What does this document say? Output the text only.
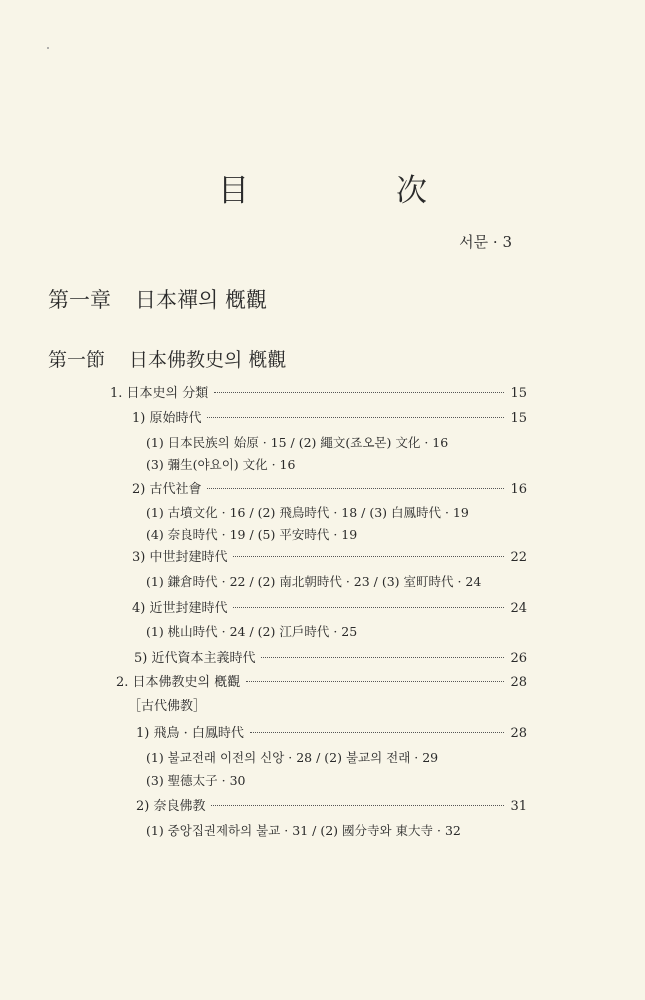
目　次
서문 · 3
第一章 日本禪의 槪觀
第一節 日本佛教史의 槪觀
1. 日本史의 分類	15
1) 原始時代	15
(1) 日本民族의 始原 · 15 / (2) 繩文(죠오몬) 文化 · 16
(3) 彌生(야요이) 文化 · 16
2) 古代社會	16
(1) 古墳文化 · 16 / (2) 飛鳥時代 · 18 / (3) 白鳳時代 · 19
(4) 奈良時代 · 19 / (5) 平安時代 · 19
3) 中世封建時代	22
(1) 鎌倉時代 · 22 / (2) 南北朝時代 · 23 / (3) 室町時代 · 24
4) 近世封建時代	24
(1) 桃山時代 · 24 / (2) 江戶時代 · 25
5) 近代資本主義時代	26
2. 日本佛教史의 槪觀	28
［古代佛教］
1) 飛鳥 · 白鳳時代	28
(1) 불교전래 이전의 신앙 · 28 / (2) 불교의 전래 · 29
(3) 聖德太子 · 30
2) 奈良佛教	31
(1) 중앙집권제하의 불교 · 31 / (2) 國分寺와 東大寺 · 32
